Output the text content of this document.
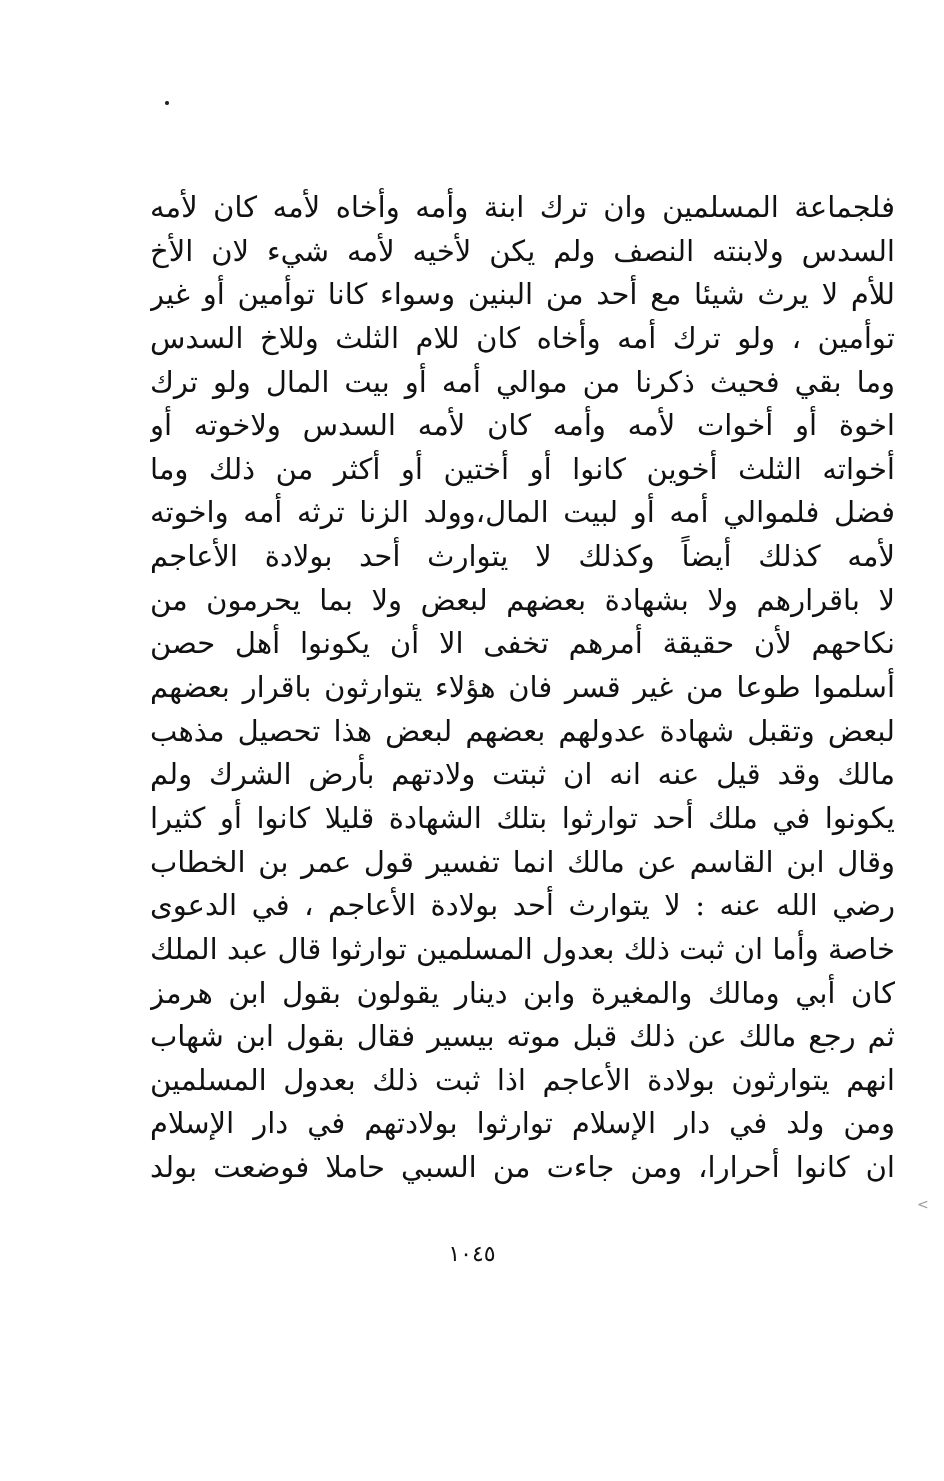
<
فلجماعة المسلمين وان ترك ابنة وأمه وأخاه لأمه كان لأمه
السدس ولابنته النصف ولم يكن لأخيه لأمه شيء لان الأخ
للأم لا يرث شيئا مع أحد من البنين وسواء كانا توأمين أو غير
توأمين ، ولو ترك أمه وأخاه كان للام الثلث وللاخ السدس
وما بقي فحيث ذكرنا من موالي أمه أو بيت المال ولو ترك
اخوة أو أخوات لأمه وأمه كان لأمه السدس ولاخوته أو
أخواته الثلث أخوين كانوا أو أختين أو أكثر من ذلك وما
فضل فلموالي أمه أو لبيت المال،وولد الزنا ترثه أمه واخوته
لأمه كذلك أيضاً وكذلك لا يتوارث أحد بولادة الأعاجم
لا باقرارهم ولا بشهادة بعضهم لبعض ولا بما يحرمون من
نكاحهم لأن حقيقة أمرهم تخفى الا أن يكونوا أهل حصن
أسلموا طوعا من غير قسر فان هؤلاء يتوارثون باقرار بعضهم
لبعض وتقبل شهادة عدولهم بعضهم لبعض هذا تحصيل مذهب
مالك وقد قيل عنه انه ان ثبتت ولادتهم بأرض الشرك ولم
يكونوا في ملك أحد توارثوا بتلك الشهادة قليلا كانوا أو كثيرا
وقال ابن القاسم عن مالك انما تفسير قول عمر بن الخطاب
رضي الله عنه : لا يتوارث أحد بولادة الأعاجم ، في الدعوى
خاصة وأما ان ثبت ذلك بعدول المسلمين توارثوا قال عبد الملك
كان أبي ومالك والمغيرة وابن دينار يقولون بقول ابن هرمز
ثم رجع مالك عن ذلك قبل موته بيسير فقال بقول ابن شهاب
انهم يتوارثون بولادة الأعاجم اذا ثبت ذلك بعدول المسلمين
ومن ولد في دار الإسلام توارثوا بولادتهم في دار الإسلام
ان كانوا أحرارا، ومن جاءت من السبي حاملا فوضعت بولد
١٠٤٥
